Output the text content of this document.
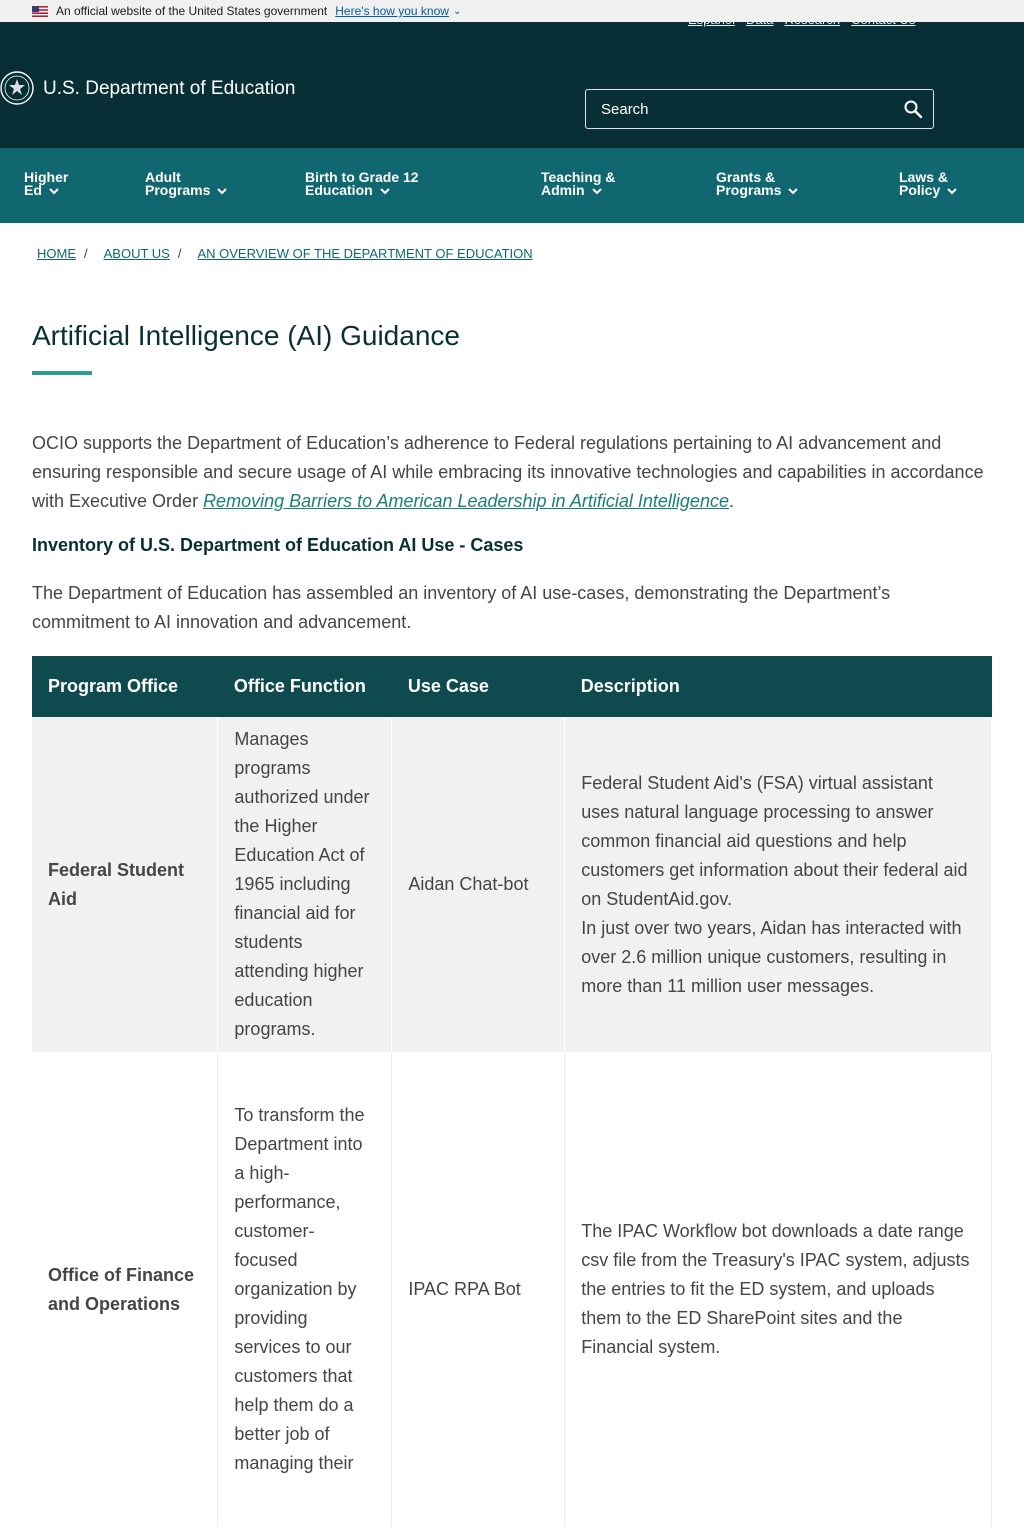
An official website of the United States government Here's how you know ⌄
U.S. Department of Education
Search
Higher
Ed
Adult
Programs
Birth to Grade 12
Education
Teaching &
Admin
Grants &
Programs
Laws &
Policy
HOME / ABOUT US / AN OVERVIEW OF THE DEPARTMENT OF EDUCATION
Artificial Intelligence (AI) Guidance

OCIO supports the Department of Education’s adherence to Federal regulations pertaining to AI advancement and ensuring responsible and secure usage of AI while embracing its innovative technologies and capabilities in accordance with Executive Order Removing Barriers to American Leadership in Artificial Intelligence.

Inventory of U.S. Department of Education AI Use - Cases

The Department of Education has assembled an inventory of AI use-cases, demonstrating the Department’s commitment to AI innovation and advancement.

Program Office	Office Function	Use Case	Description
Federal Student Aid	Manages programs authorized under the Higher Education Act of 1965 including financial aid for students attending higher education programs.	Aidan Chat-bot	Federal Student Aid's (FSA) virtual assistant uses natural language processing to answer common financial aid questions and help customers get information about their federal aid on StudentAid.gov.
In just over two years, Aidan has interacted with over 2.6 million unique customers, resulting in more than 11 million user messages.

Office of Finance and Operations	To transform the Department into a high-performance, customer-focused organization by providing services to our customers that help them do a better job of managing their	IPAC RPA Bot	The IPAC Workflow bot downloads a date range csv file from the Treasury's IPAC system, adjusts the entries to fit the ED system, and uploads them to the ED SharePoint sites and the Financial system.
